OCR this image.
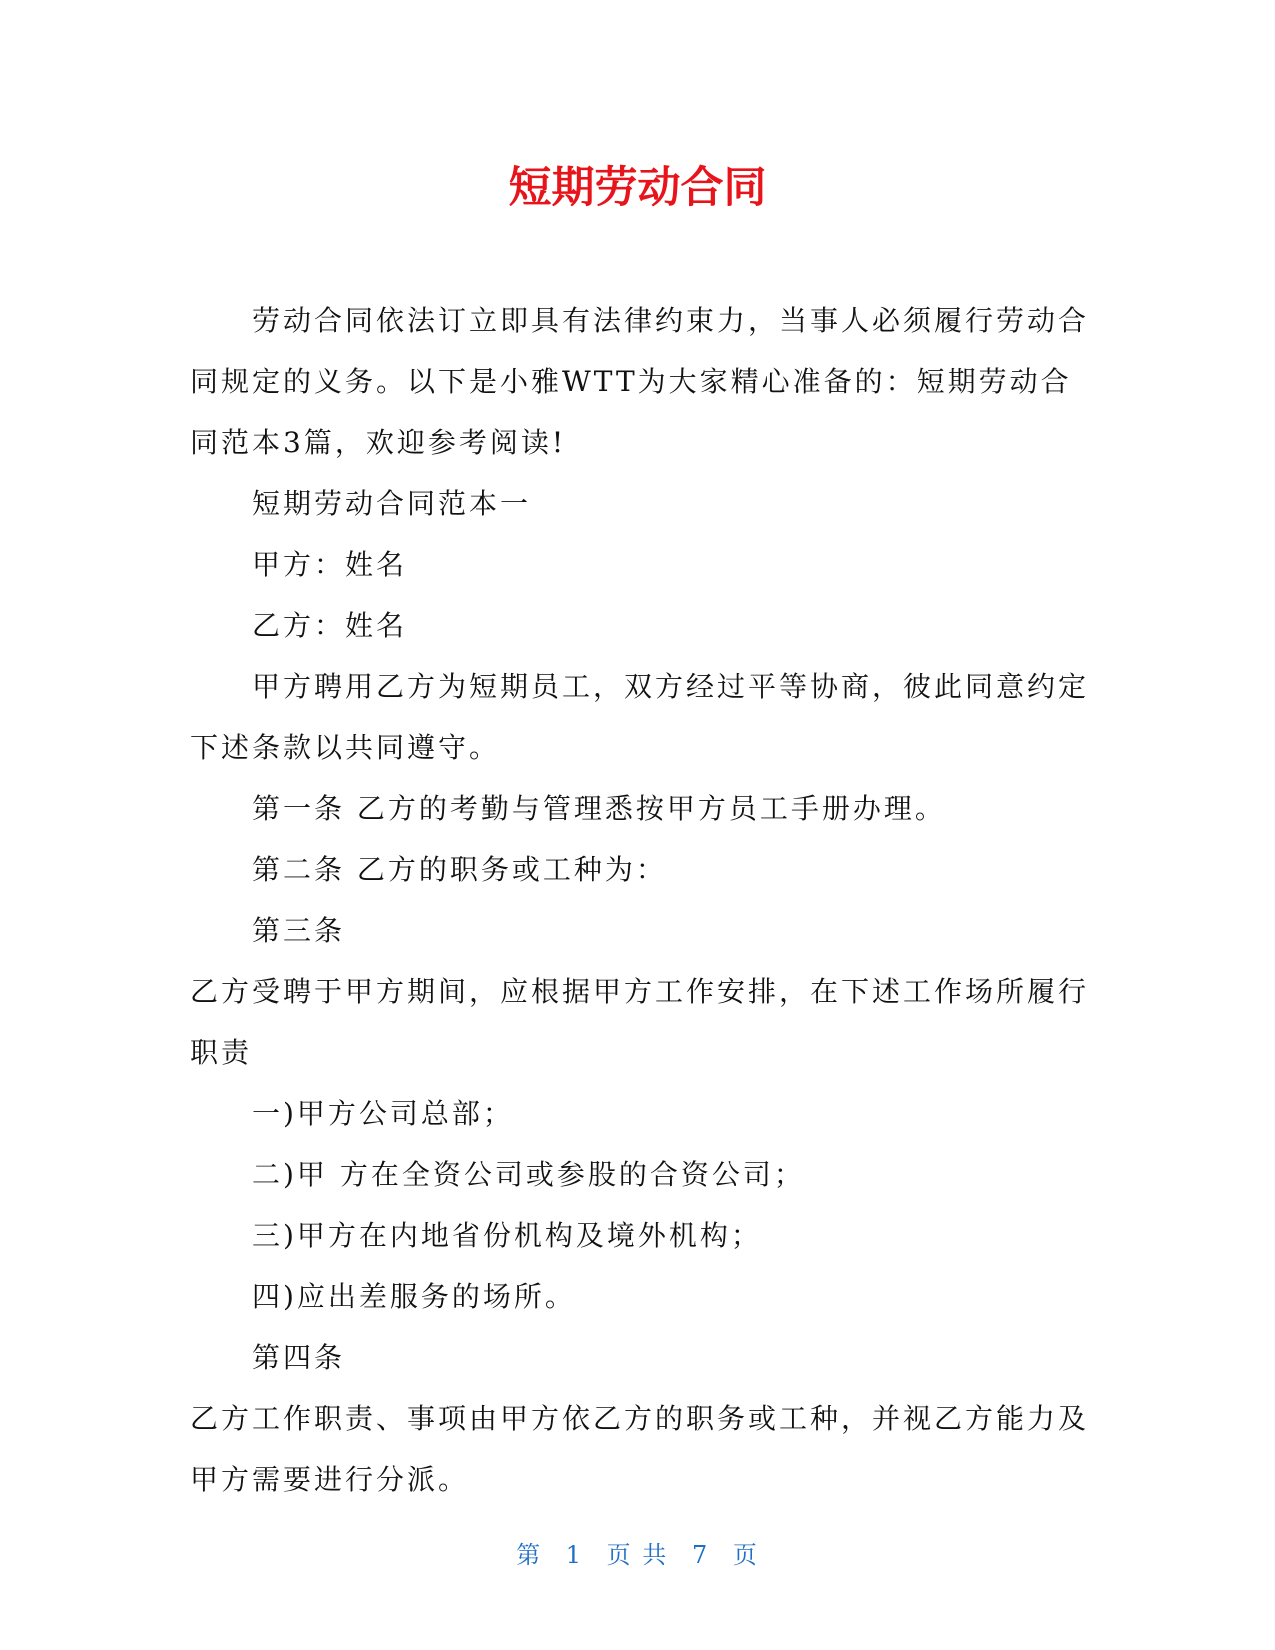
短期劳动合同

劳动合同依法订立即具有法律约束力，当事人必须履行劳动合同规定的义务。以下是小雅WTT为大家精心准备的：短期劳动合同范本3篇，欢迎参考阅读!

短期劳动合同范本一

甲方：姓名

乙方：姓名

甲方聘用乙方为短期员工，双方经过平等协商，彼此同意约定下述条款以共同遵守。

第一条 乙方的考勤与管理悉按甲方员工手册办理。

第二条 乙方的职务或工种为：

第三条

乙方受聘于甲方期间，应根据甲方工作安排，在下述工作场所履行职责

一)甲方公司总部；

二)甲 方在全资公司或参股的合资公司；

三)甲方在内地省份机构及境外机构；

四)应出差服务的场所。

第四条

乙方工作职责、事项由甲方依乙方的职务或工种，并视乙方能力及甲方需要进行分派。

第 1 页 共 7 页
